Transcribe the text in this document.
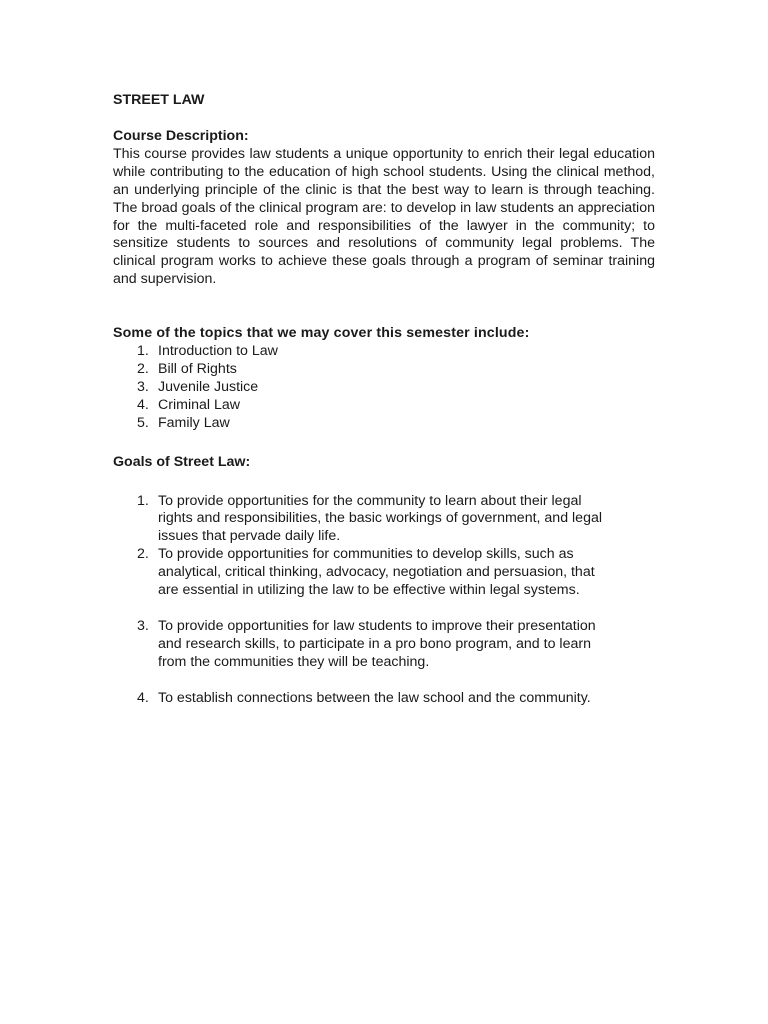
STREET LAW

Course Description:

This course provides law students a unique opportunity to enrich their legal education while contributing to the education of high school students. Using the clinical method, an underlying principle of the clinic is that the best way to learn is through teaching. The broad goals of the clinical program are: to develop in law students an appreciation for the multi-faceted role and responsibilities of the lawyer in the community; to sensitize students to sources and resolutions of community legal problems. The clinical program works to achieve these goals through a program of seminar training and supervision.

Some of the topics that we may cover this semester include:

1. Introduction to Law
2. Bill of Rights
3. Juvenile Justice
4. Criminal Law
5. Family Law

Goals of Street Law:

1. To provide opportunities for the community to learn about their legal rights and responsibilities, the basic workings of government, and legal issues that pervade daily life.
2. To provide opportunities for communities to develop skills, such as analytical, critical thinking, advocacy, negotiation and persuasion, that are essential in utilizing the law to be effective within legal systems.
3. To provide opportunities for law students to improve their presentation and research skills, to participate in a pro bono program, and to learn from the communities they will be teaching.
4. To establish connections between the law school and the community.
